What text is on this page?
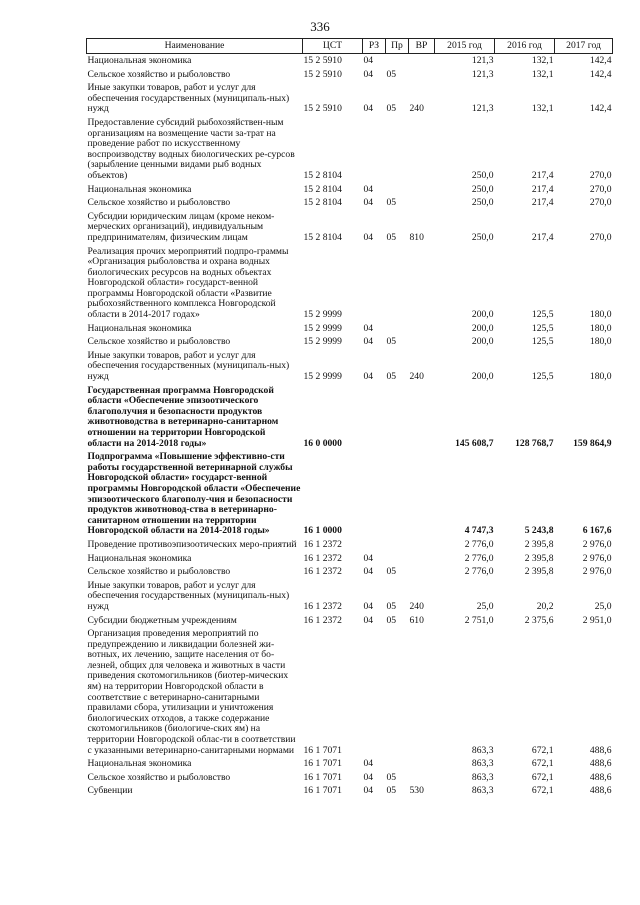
336
Наименование	ЦСТ	РЗ	Пр	ВР	2015 год	2016 год	2017 год
Национальная экономика	15 2 5910	04			121,3	132,1	142,4
Сельское хозяйство и рыболовство	15 2 5910	04	05		121,3	132,1	142,4
Иные закупки товаров, работ и услуг для обеспечения государственных (муниципаль-ных) нужд	15 2 5910	04	05	240	121,3	132,1	142,4
Предоставление субсидий рыбохозяйствен-ным организациям на возмещение части за-трат на проведение работ по искусственному воспроизводству водных биологических ре-сурсов (зарыбление ценными видами рыб водных объектов)	15 2 8104				250,0	217,4	270,0
Национальная экономика	15 2 8104	04			250,0	217,4	270,0
Сельское хозяйство и рыболовство	15 2 8104	04	05		250,0	217,4	270,0
Субсидии юридическим лицам (кроме неком-мерческих организаций), индивидуальным предпринимателям, физическим лицам	15 2 8104	04	05	810	250,0	217,4	270,0
Реализация прочих мероприятий подпро-граммы «Организация рыболовства и охрана водных биологических ресурсов на водных объектах Новгородской области» государст-венной программы Новгородской области «Развитие рыбохозяйственного комплекса Новгородской области в 2014-2017 годах»	15 2 9999				200,0	125,5	180,0
Национальная экономика	15 2 9999	04			200,0	125,5	180,0
Сельское хозяйство и рыболовство	15 2 9999	04	05		200,0	125,5	180,0
Иные закупки товаров, работ и услуг для обеспечения государственных (муниципаль-ных) нужд	15 2 9999	04	05	240	200,0	125,5	180,0
Государственная программа Новгородской области «Обеспечение эпизоотического благополучия и безопасности продуктов животноводства в ветеринарно-санитарном отношении на территории Новгородской области на 2014-2018 годы»	16 0 0000				145 608,7	128 768,7	159 864,9
Подпрограмма «Повышение эффективно-сти работы государственной ветеринарной службы Новгородской области» государст-венной программы Новгородской области «Обеспечение эпизоотического благополу-чия и безопасности продуктов животновод-ства в ветеринарно-санитарном отношении на территории Новгородской области на 2014-2018 годы»	16 1 0000				4 747,3	5 243,8	6 167,6
Проведение противоэпизоотических меро-приятий	16 1 2372				2 776,0	2 395,8	2 976,0
Национальная экономика	16 1 2372	04			2 776,0	2 395,8	2 976,0
Сельское хозяйство и рыболовство	16 1 2372	04	05		2 776,0	2 395,8	2 976,0
Иные закупки товаров, работ и услуг для обеспечения государственных (муниципаль-ных) нужд	16 1 2372	04	05	240	25,0	20,2	25,0
Субсидии бюджетным учреждениям	16 1 2372	04	05	610	2 751,0	2 375,6	2 951,0
Организация проведения мероприятий по предупреждению и ликвидации болезней жи-вотных, их лечению, защите населения от бо-лезней, общих для человека и животных в части приведения скотомогильников (биотер-мических ям) на территории Новгородской области в соответствие с ветеринарно-санитарными правилами сбора, утилизации и уничтожения биологических отходов, а также содержание скотомогильников (биологиче-ских ям) на территории Новгородской облас-ти в соответствии с указанными ветеринарно-санитарными нормами	16 1 7071				863,3	672,1	488,6
Национальная экономика	16 1 7071	04			863,3	672,1	488,6
Сельское хозяйство и рыболовство	16 1 7071	04	05		863,3	672,1	488,6
Субвенции	16 1 7071	04	05	530	863,3	672,1	488,6
